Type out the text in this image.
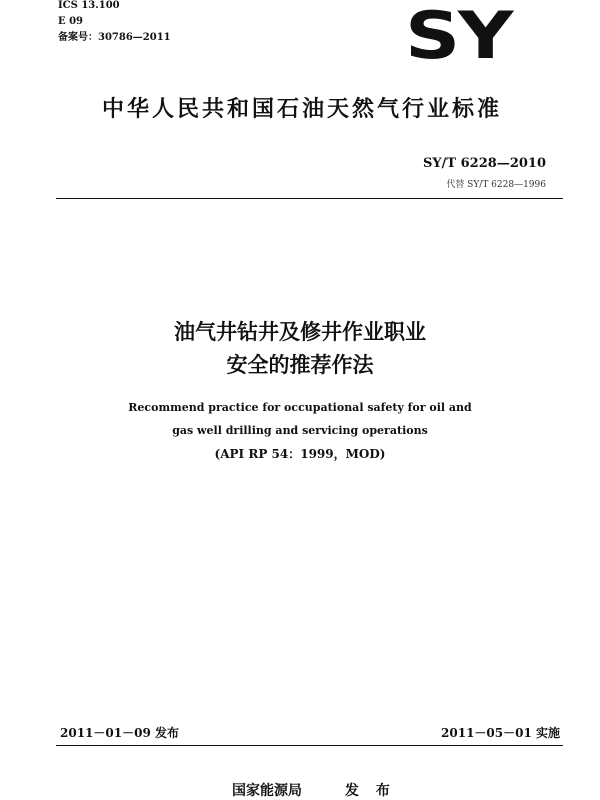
ICS 13.100
E 09
备案号：30786—2011	SY
中华人民共和国石油天然气行业标准
SY/T 6228—2010
代替 SY/T 6228—1996
油气井钻井及修井作业职业
安全的推荐作法
Recommend practice for occupational safety for oil and
gas well drilling and servicing operations
(API RP 54：1999，MOD)
2011－01－09 发布	2011－05－01 实施
国家能源局	发 布
